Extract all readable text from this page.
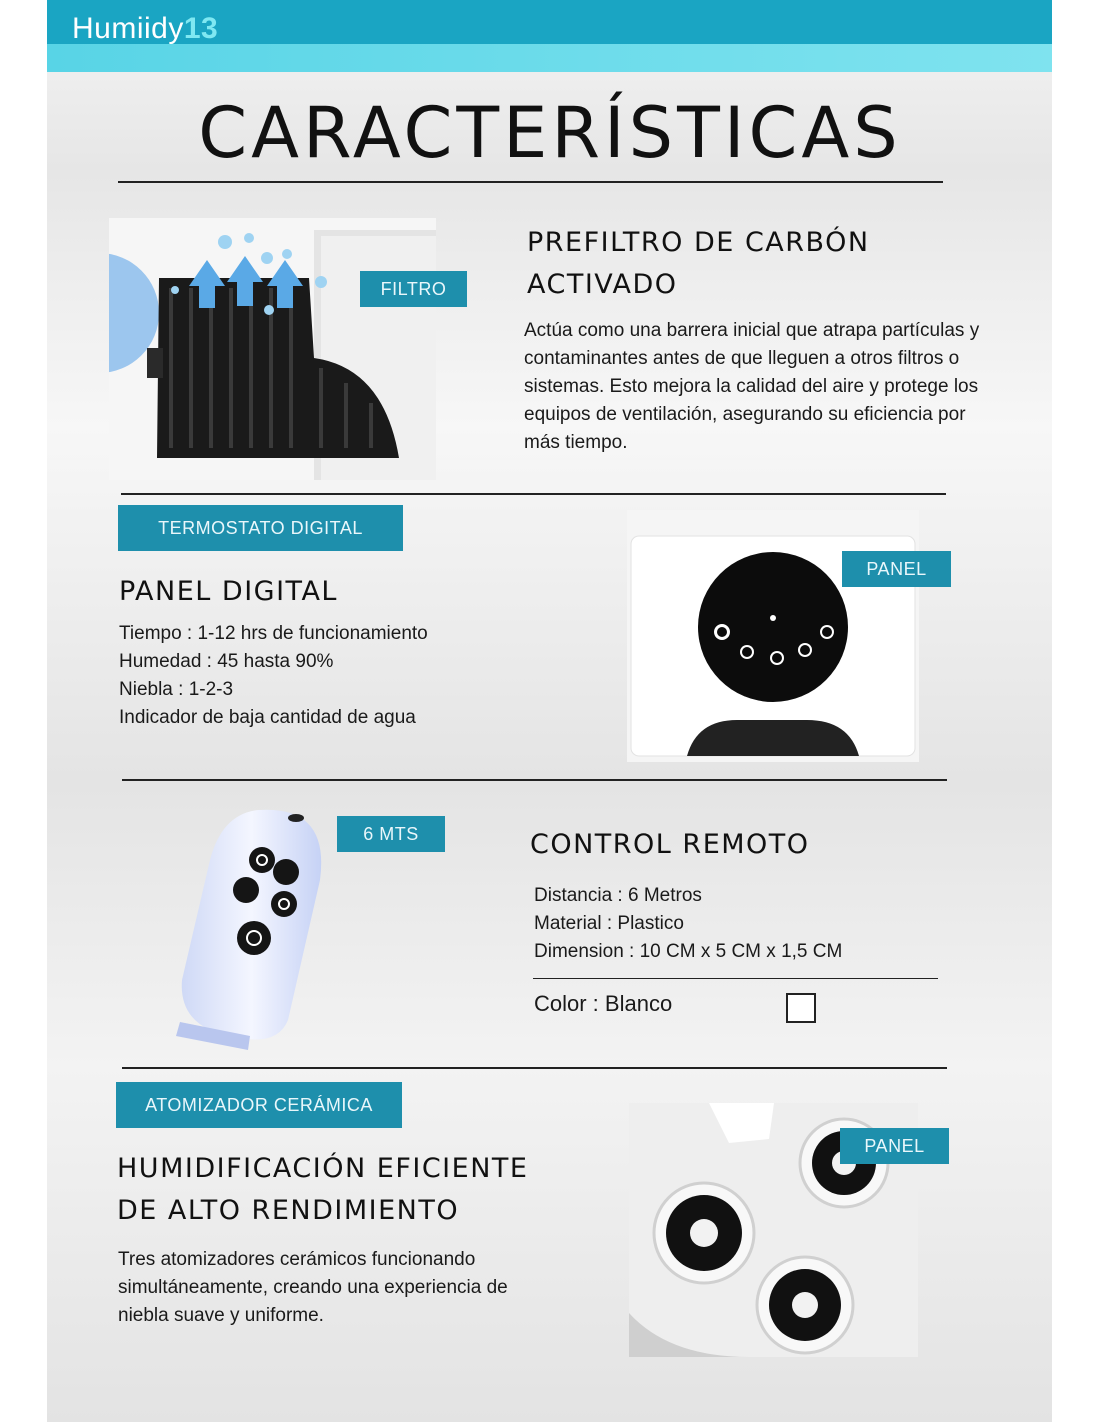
Humiidy13
CARACTERÍSTICAS
FILTRO
PREFILTRO DE CARBÓN
ACTIVADO
Actúa como una barrera inicial que atrapa partículas y contaminantes antes de que lleguen a otros filtros o sistemas. Esto mejora la calidad del aire y protege los equipos de ventilación, asegurando su eficiencia por más tiempo.
TERMOSTATO DIGITAL
PANEL DIGITAL
Tiempo : 1-12 hrs de funcionamiento
Humedad : 45 hasta 90%
Niebla : 1-2-3
Indicador de baja cantidad de agua
PANEL
6 MTS	CONTROL REMOTO
Distancia : 6 Metros
Material : Plastico
Dimension : 10 CM x 5 CM x 1,5 CM
Color : Blanco
ATOMIZADOR CERÁMICA
HUMIDIFICACIÓN EFICIENTE
DE ALTO RENDIMIENTO
Tres atomizadores cerámicos funcionando
simultáneamente, creando una experiencia de
niebla suave y uniforme.
PANEL
